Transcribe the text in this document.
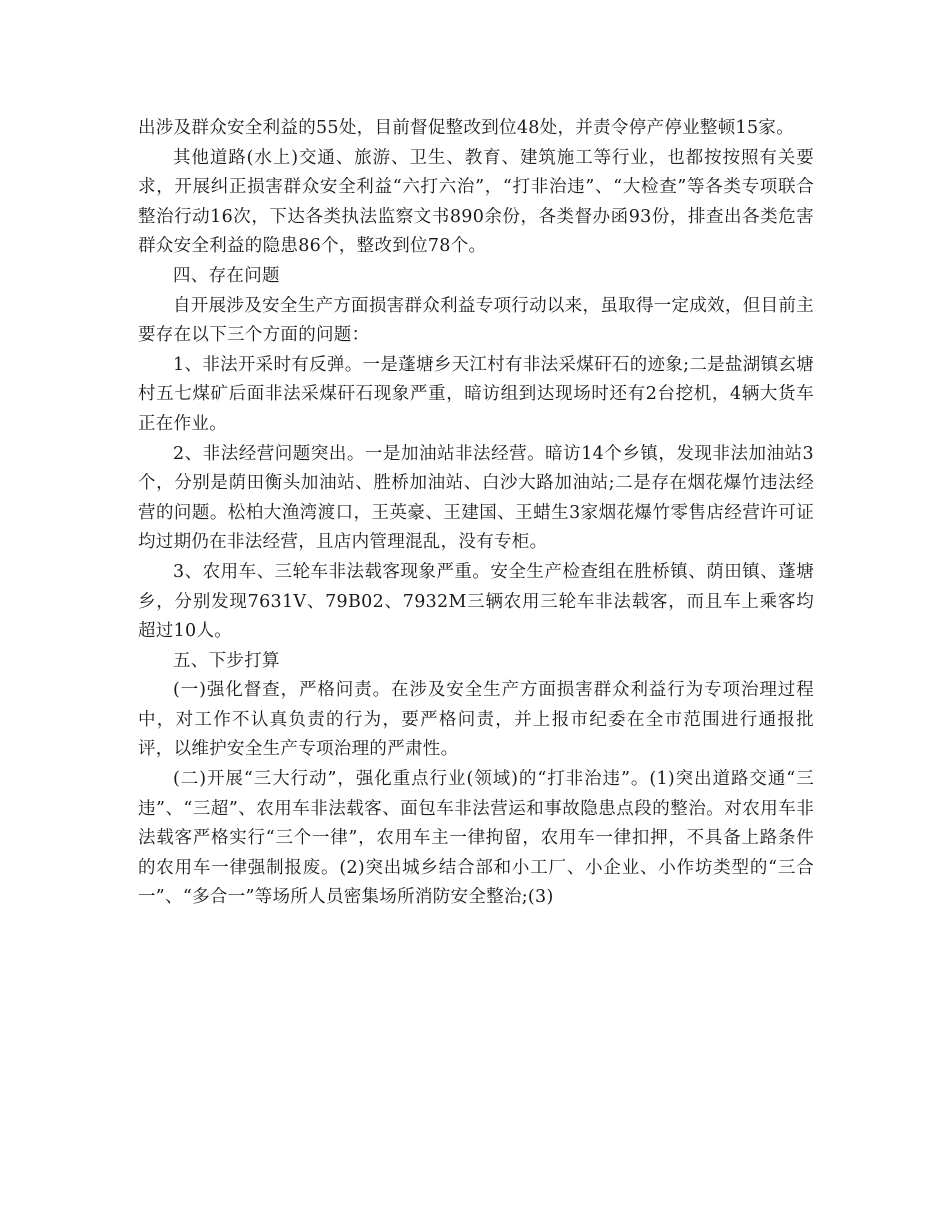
出涉及群众安全利益的55处，目前督促整改到位48处，并责令停产停业整顿15家。

其他道路(水上)交通、旅游、卫生、教育、建筑施工等行业，也都按按照有关要求，开展纠正损害群众安全利益“六打六治”，“打非治违”、“大检查”等各类专项联合整治行动16次，下达各类执法监察文书890余份，各类督办函93份，排查出各类危害群众安全利益的隐患86个，整改到位78个。

四、存在问题

自开展涉及安全生产方面损害群众利益专项行动以来，虽取得一定成效，但目前主要存在以下三个方面的问题：

1、非法开采时有反弹。一是蓬塘乡天江村有非法采煤矸石的迹象;二是盐湖镇玄塘村五七煤矿后面非法采煤矸石现象严重，暗访组到达现场时还有2台挖机，4辆大货车正在作业。

2、非法经营问题突出。一是加油站非法经营。暗访14个乡镇，发现非法加油站3个，分别是荫田衡头加油站、胜桥加油站、白沙大路加油站;二是存在烟花爆竹违法经营的问题。松柏大渔湾渡口，王英豪、王建国、王蜡生3家烟花爆竹零售店经营许可证均过期仍在非法经营，且店内管理混乱，没有专柜。

3、农用车、三轮车非法载客现象严重。安全生产检查组在胜桥镇、荫田镇、蓬塘乡，分别发现7631V、79B02、7932M三辆农用三轮车非法载客，而且车上乘客均超过10人。

五、下步打算

(一)强化督查，严格问责。在涉及安全生产方面损害群众利益行为专项治理过程中，对工作不认真负责的行为，要严格问责，并上报市纪委在全市范围进行通报批评，以维护安全生产专项治理的严肃性。

(二)开展“三大行动”，强化重点行业(领域)的“打非治违”。(1)突出道路交通“三违”、“三超”、农用车非法载客、面包车非法营运和事故隐患点段的整治。对农用车非法载客严格实行“三个一律”，农用车主一律拘留，农用车一律扣押，不具备上路条件的农用车一律强制报废。(2)突出城乡结合部和小工厂、小企业、小作坊类型的“三合一”、“多合一”等场所人员密集场所消防安全整治;(3)
